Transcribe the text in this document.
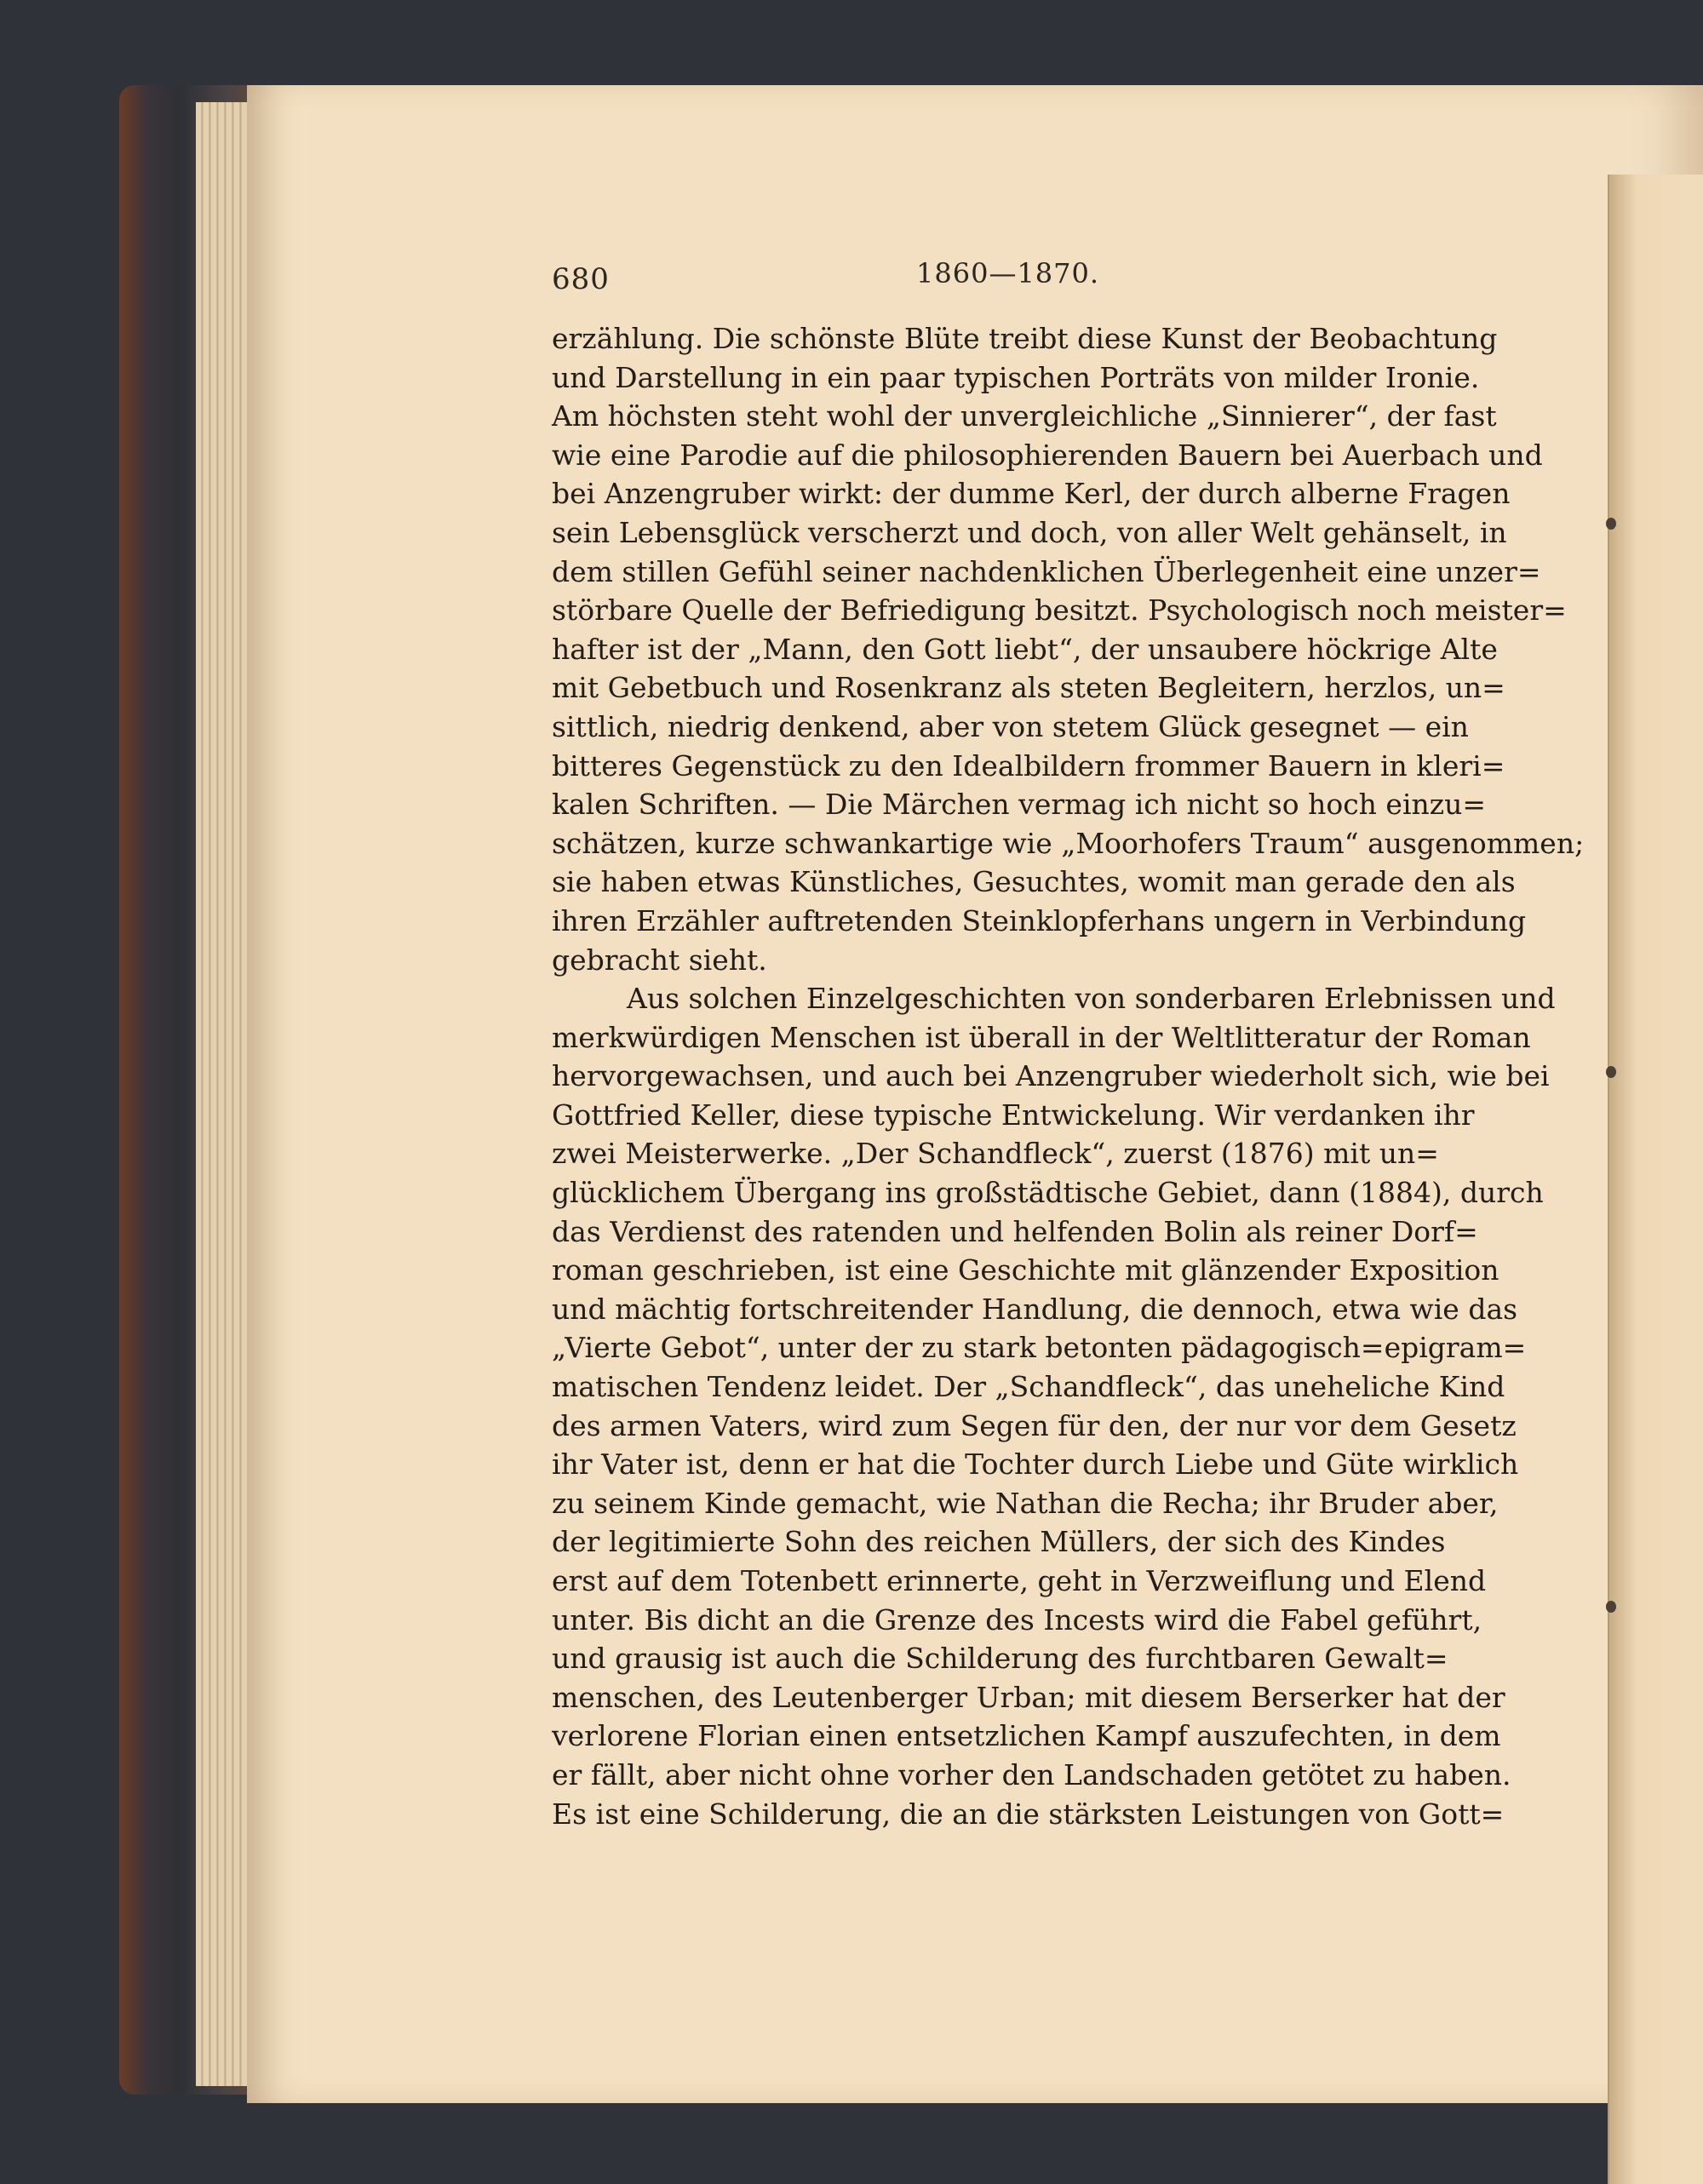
680	1860—1870.
erzählung. Die schönste Blüte treibt diese Kunst der Beobachtung
und Darstellung in ein paar typischen Porträts von milder Ironie.
Am höchsten steht wohl der unvergleichliche „Sinnierer“, der fast
wie eine Parodie auf die philosophierenden Bauern bei Auerbach und
bei Anzengruber wirkt: der dumme Kerl, der durch alberne Fragen
sein Lebensglück verscherzt und doch, von aller Welt gehänselt, in
dem stillen Gefühl seiner nachdenklichen Überlegenheit eine unzer=
störbare Quelle der Befriedigung besitzt. Psychologisch noch meister=
hafter ist der „Mann, den Gott liebt“, der unsaubere höckrige Alte
mit Gebetbuch und Rosenkranz als steten Begleitern, herzlos, un=
sittlich, niedrig denkend, aber von stetem Glück gesegnet — ein
bitteres Gegenstück zu den Idealbildern frommer Bauern in kleri=
kalen Schriften. — Die Märchen vermag ich nicht so hoch einzu=
schätzen, kurze schwankartige wie „Moorhofers Traum“ ausgenommen;
sie haben etwas Künstliches, Gesuchtes, womit man gerade den als
ihren Erzähler auftretenden Steinklopferhans ungern in Verbindung
gebracht sieht.
Aus solchen Einzelgeschichten von sonderbaren Erlebnissen und
merkwürdigen Menschen ist überall in der Weltlitteratur der Roman
hervorgewachsen, und auch bei Anzengruber wiederholt sich, wie bei
Gottfried Keller, diese typische Entwickelung. Wir verdanken ihr
zwei Meisterwerke. „Der Schandfleck“, zuerst (1876) mit un=
glücklichem Übergang ins großstädtische Gebiet, dann (1884), durch
das Verdienst des ratenden und helfenden Bolin als reiner Dorf=
roman geschrieben, ist eine Geschichte mit glänzender Exposition
und mächtig fortschreitender Handlung, die dennoch, etwa wie das
„Vierte Gebot“, unter der zu stark betonten pädagogisch=epigram=
matischen Tendenz leidet. Der „Schandfleck“, das uneheliche Kind
des armen Vaters, wird zum Segen für den, der nur vor dem Gesetz
ihr Vater ist, denn er hat die Tochter durch Liebe und Güte wirklich
zu seinem Kinde gemacht, wie Nathan die Recha; ihr Bruder aber,
der legitimierte Sohn des reichen Müllers, der sich des Kindes
erst auf dem Totenbett erinnerte, geht in Verzweiflung und Elend
unter. Bis dicht an die Grenze des Incests wird die Fabel geführt,
und grausig ist auch die Schilderung des furchtbaren Gewalt=
menschen, des Leutenberger Urban; mit diesem Berserker hat der
verlorene Florian einen entsetzlichen Kampf auszufechten, in dem
er fällt, aber nicht ohne vorher den Landschaden getötet zu haben.
Es ist eine Schilderung, die an die stärksten Leistungen von Gott=
